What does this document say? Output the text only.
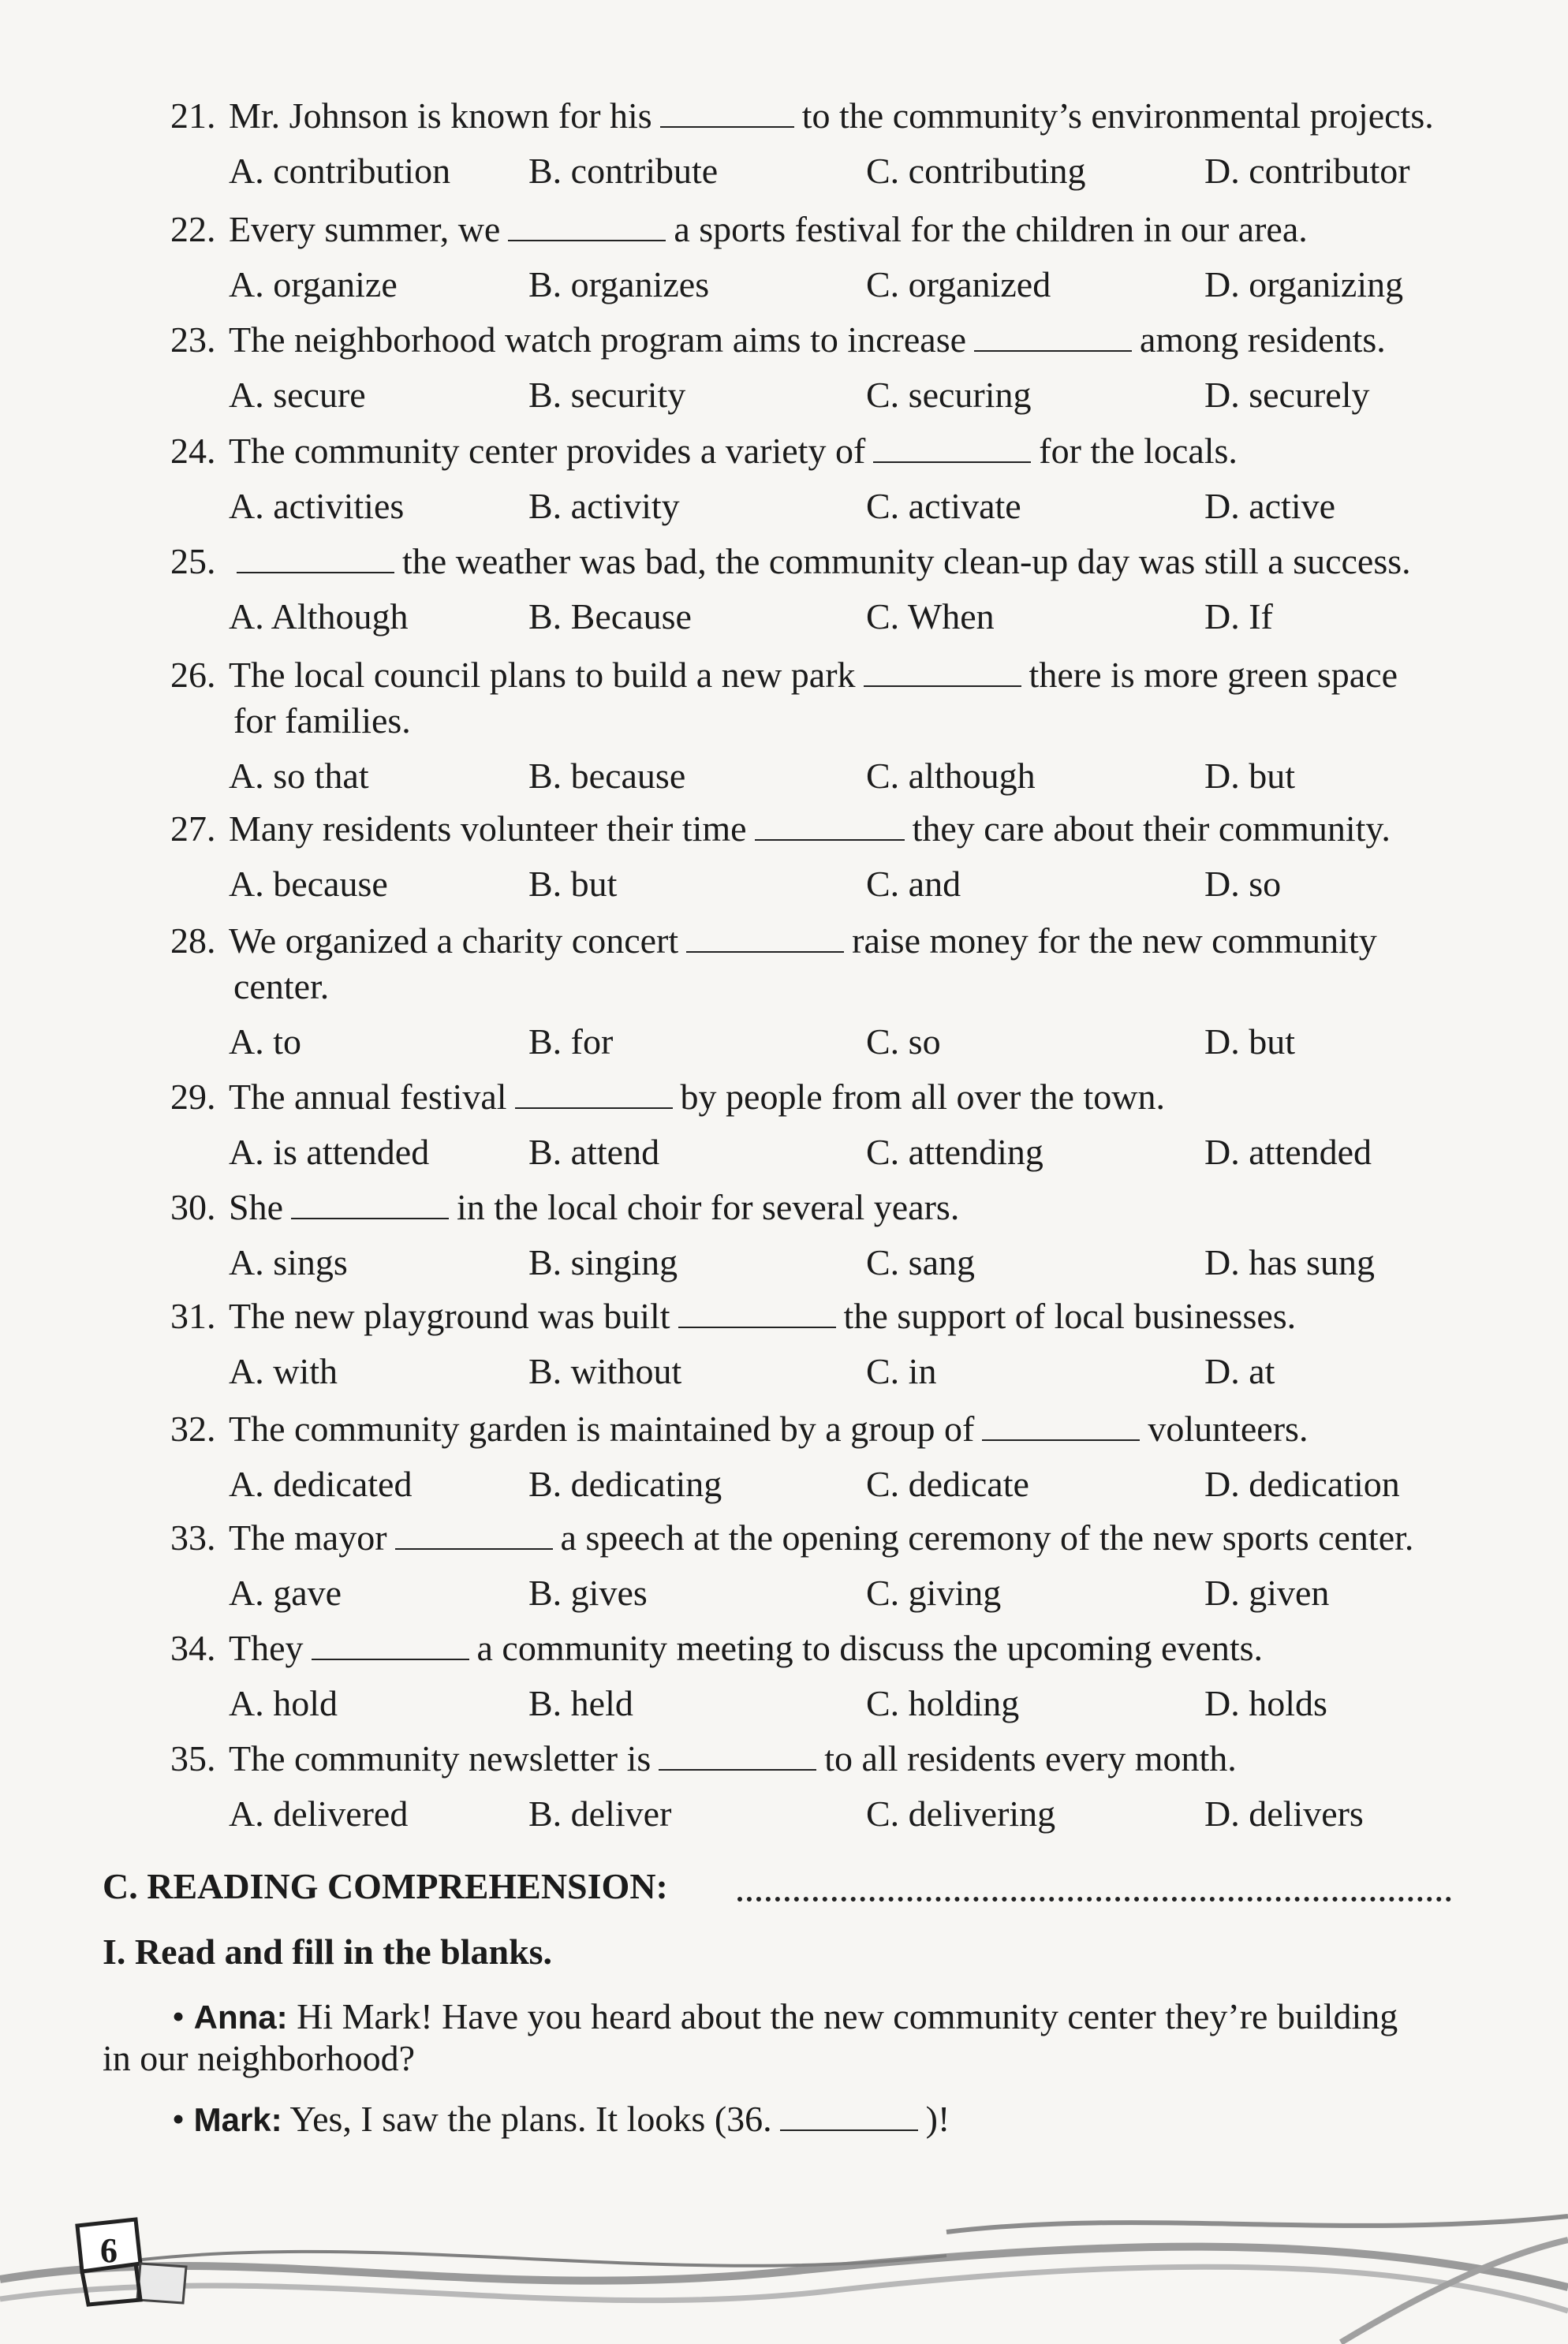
21. Mr. Johnson is known for his	to the community’s environmental projects.
A. contribution B. contribute	C. contributing	D. contributor
22. Every summer, we	a sports festival for the children in our area.
A. organize	B. organizes	C. organized	D. organizing
23. The neighborhood watch program aims to increase	among residents.
A. secure	B. security	C. securing	D. securely
24. The community center provides a variety of	for the locals.
A. activities	B. activity	C. activate	D. active
25.	the weather was bad, the community clean-up day was still a success.
A. Although	B. Because	C. When	D. If
26. The local council plans to build a new park	there is more green space
for families.
A. so that	B. because	C. although	D. but
27. Many residents volunteer their time	they care about their community.
A. because	B. but	C. and	D. so
28. We organized a charity concert	raise money for the new community
center.
A. to	B. for	C. so	D. but
29. The annual festival	by people from all over the town.
A. is attended	B. attend	C. attending	D. attended
30. She	in the local choir for several years.
A. sings	B. singing	C. sang	D. has sung
31. The new playground was built	the support of local businesses.
A. with	B. without	C. in	D. at
32. The community garden is maintained by a group of	volunteers.
A. dedicated	B. dedicating	C. dedicate	D. dedication
33. The mayor	a speech at the opening ceremony of the new sports center.
A. gave	B. gives	C. giving	D. given
34. They	a community meeting to discuss the upcoming events.
A. hold	B. held	C. holding	D. holds
35. The community newsletter is	to all residents every month.
A. delivered	B. deliver	C. delivering	D. delivers
C. READING COMPREHENSION:
I. Read and fill in the blanks.
• Anna: Hi Mark! Have you heard about the new community center they’re building
in our neighborhood?
• Mark: Yes, I saw the plans. It looks (36.	)!
6
